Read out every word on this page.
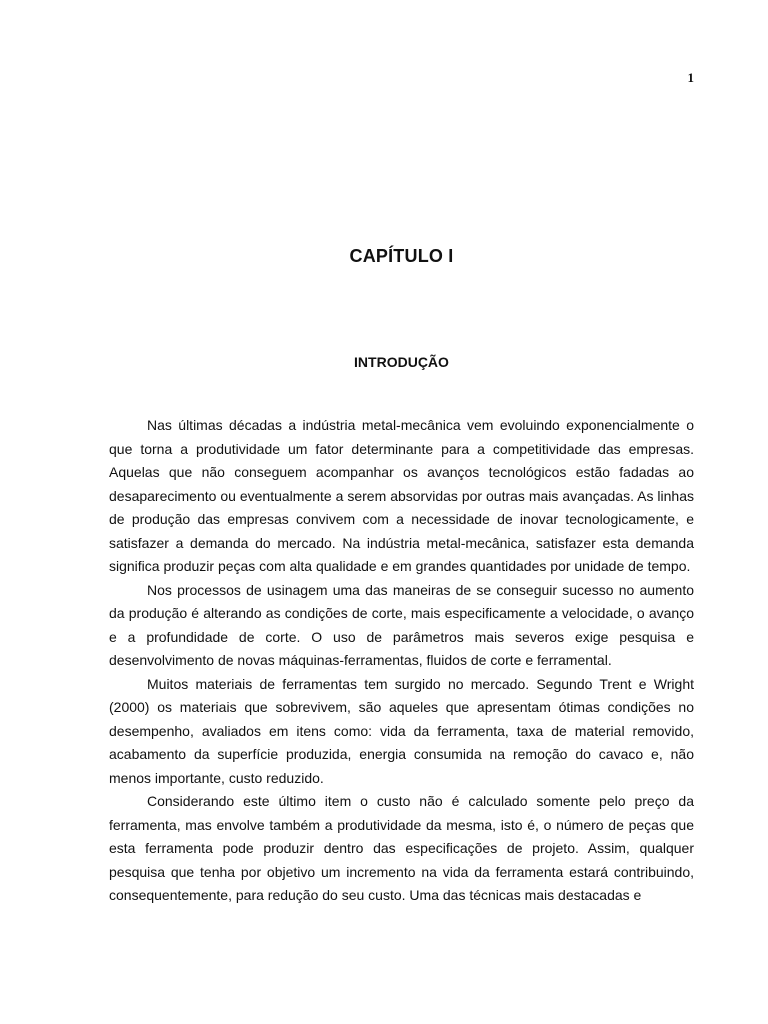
1
CAPÍTULO I
INTRODUÇÃO

Nas últimas décadas a indústria metal-mecânica vem evoluindo exponencialmente o que torna a produtividade um fator determinante para a competitividade das empresas. Aquelas que não conseguem acompanhar os avanços tecnológicos estão fadadas ao desaparecimento ou eventualmente a serem absorvidas por outras mais avançadas. As linhas de produção das empresas convivem com a necessidade de inovar tecnologicamente, e satisfazer a demanda do mercado. Na indústria metal-mecânica, satisfazer esta demanda significa produzir peças com alta qualidade e em grandes quantidades por unidade de tempo.

Nos processos de usinagem uma das maneiras de se conseguir sucesso no aumento da produção é alterando as condições de corte, mais especificamente a velocidade, o avanço e a profundidade de corte. O uso de parâmetros mais severos exige pesquisa e desenvolvimento de novas máquinas-ferramentas, fluidos de corte e ferramental.

Muitos materiais de ferramentas tem surgido no mercado. Segundo Trent e Wright (2000) os materiais que sobrevivem, são aqueles que apresentam ótimas condições no desempenho, avaliados em itens como: vida da ferramenta, taxa de material removido, acabamento da superfície produzida, energia consumida na remoção do cavaco e, não menos importante, custo reduzido.

Considerando este último item o custo não é calculado somente pelo preço da ferramenta, mas envolve também a produtividade da mesma, isto é, o número de peças que esta ferramenta pode produzir dentro das especificações de projeto. Assim, qualquer pesquisa que tenha por objetivo um incremento na vida da ferramenta estará contribuindo, consequentemente, para redução do seu custo. Uma das técnicas mais destacadas e
